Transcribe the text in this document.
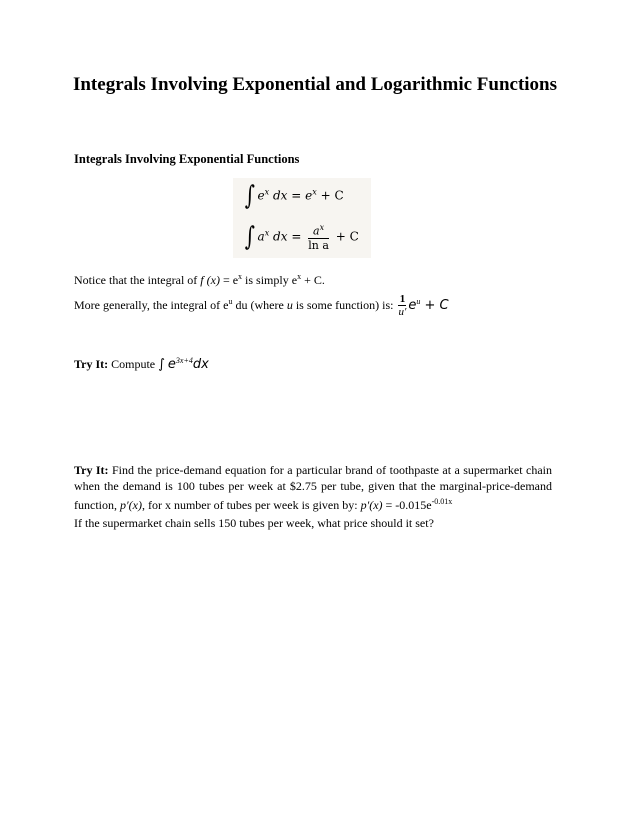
Integrals Involving Exponential and Logarithmic Functions
Integrals Involving Exponential Functions
∫ $e^x$ dx = $e^x + C$
∫ $a^x$ dx = $\frac{a^x}{\text{ln a}} + C$
Notice that the integral of f $(x) = e^x$ is simply $e^x + C$.
More generally, the integral of $e^u$ du (where u is some function) is: $\frac{1}{u'} e^u + C$
Try It: Compute ∫ $e^{3x+4}dx$
Try It: Find the price-demand equation for a particular brand of toothpaste at a supermarket chain when the demand is 100 tubes per week at $2.75 per tube, given that the marginal-price-demand function, p′(x), for x number of tubes per week is given by: $p'(x) = -0.015e^{-0.01x}$
If the supermarket chain sells 150 tubes per week, what price should it set?
